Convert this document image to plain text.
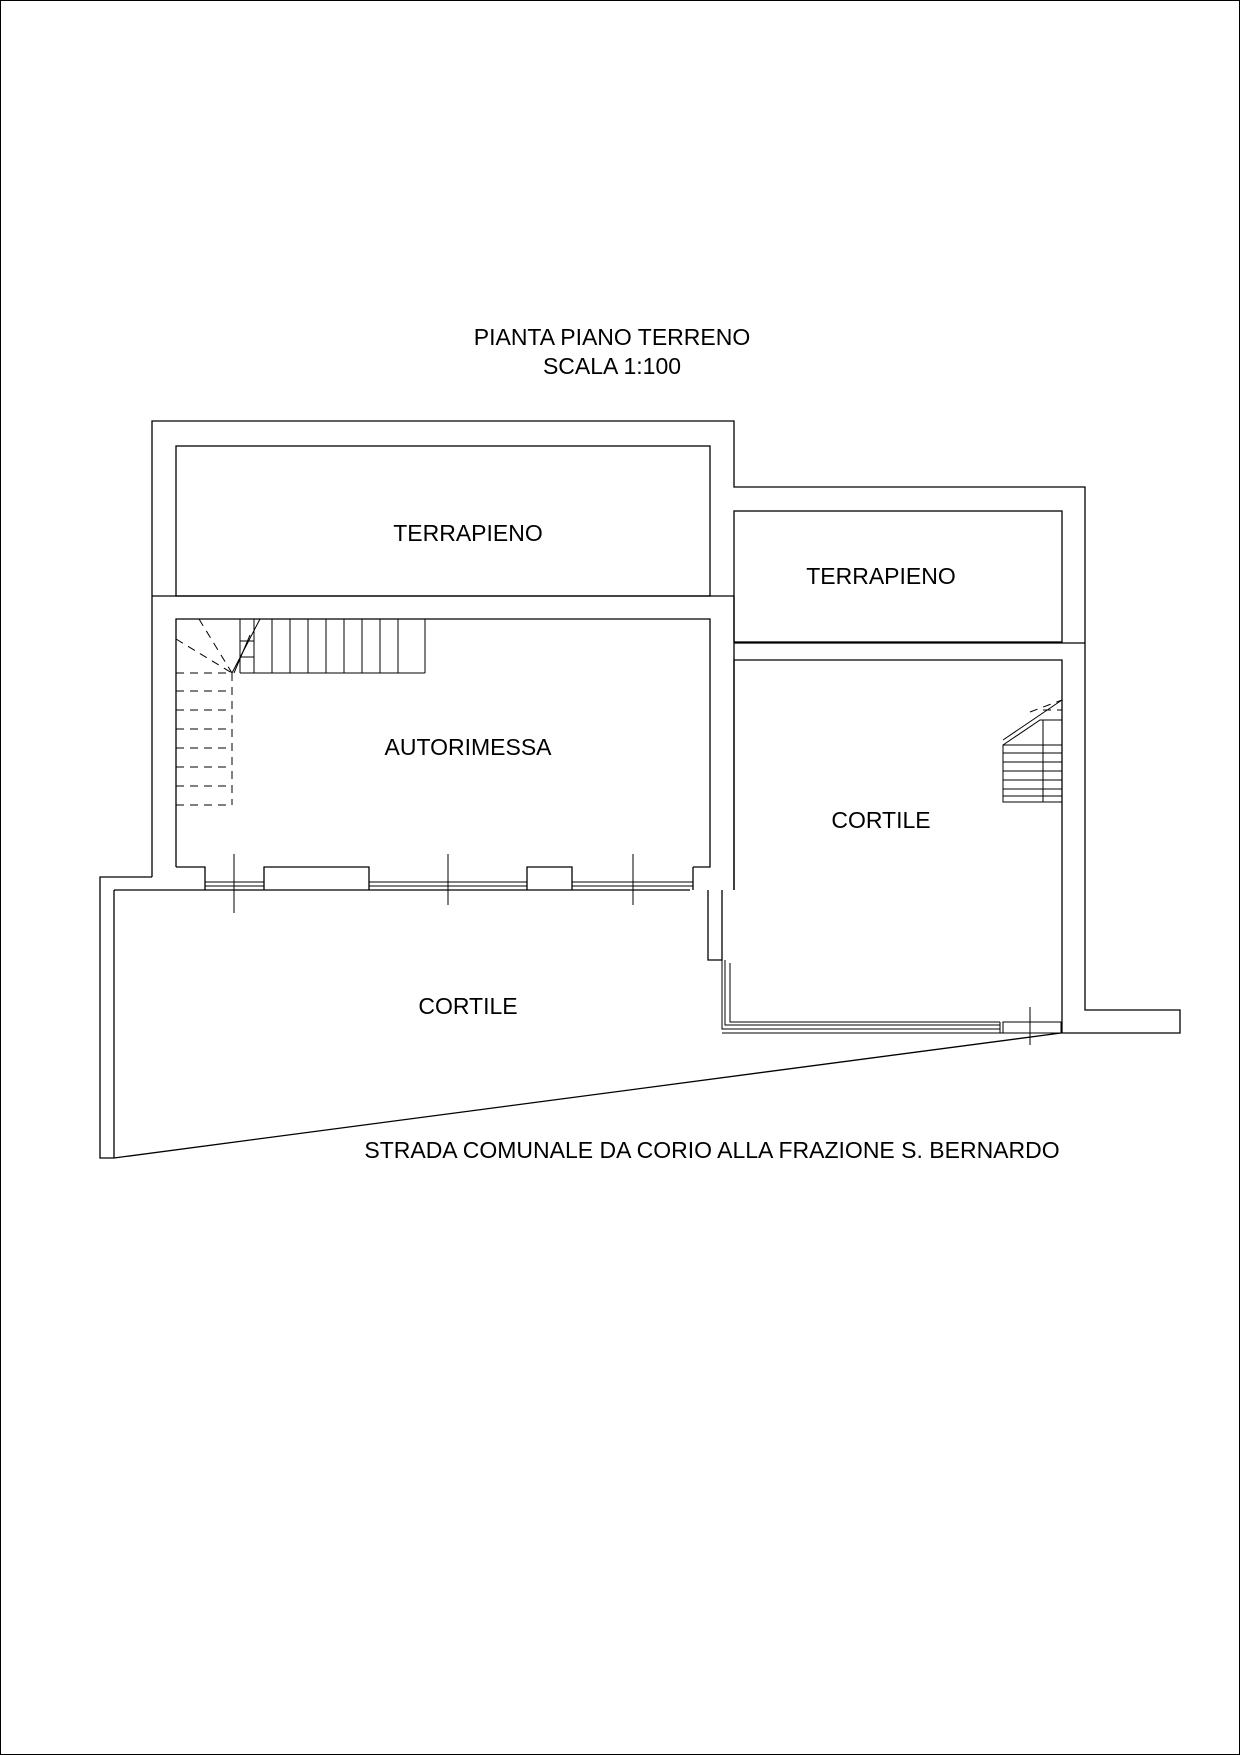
PIANTA PIANO TERRENO
SCALA 1:100
TERRAPIENO
TERRAPIENO
AUTORIMESSA
CORTILE
CORTILE
STRADA COMUNALE DA CORIO ALLA FRAZIONE S. BERNARDO
